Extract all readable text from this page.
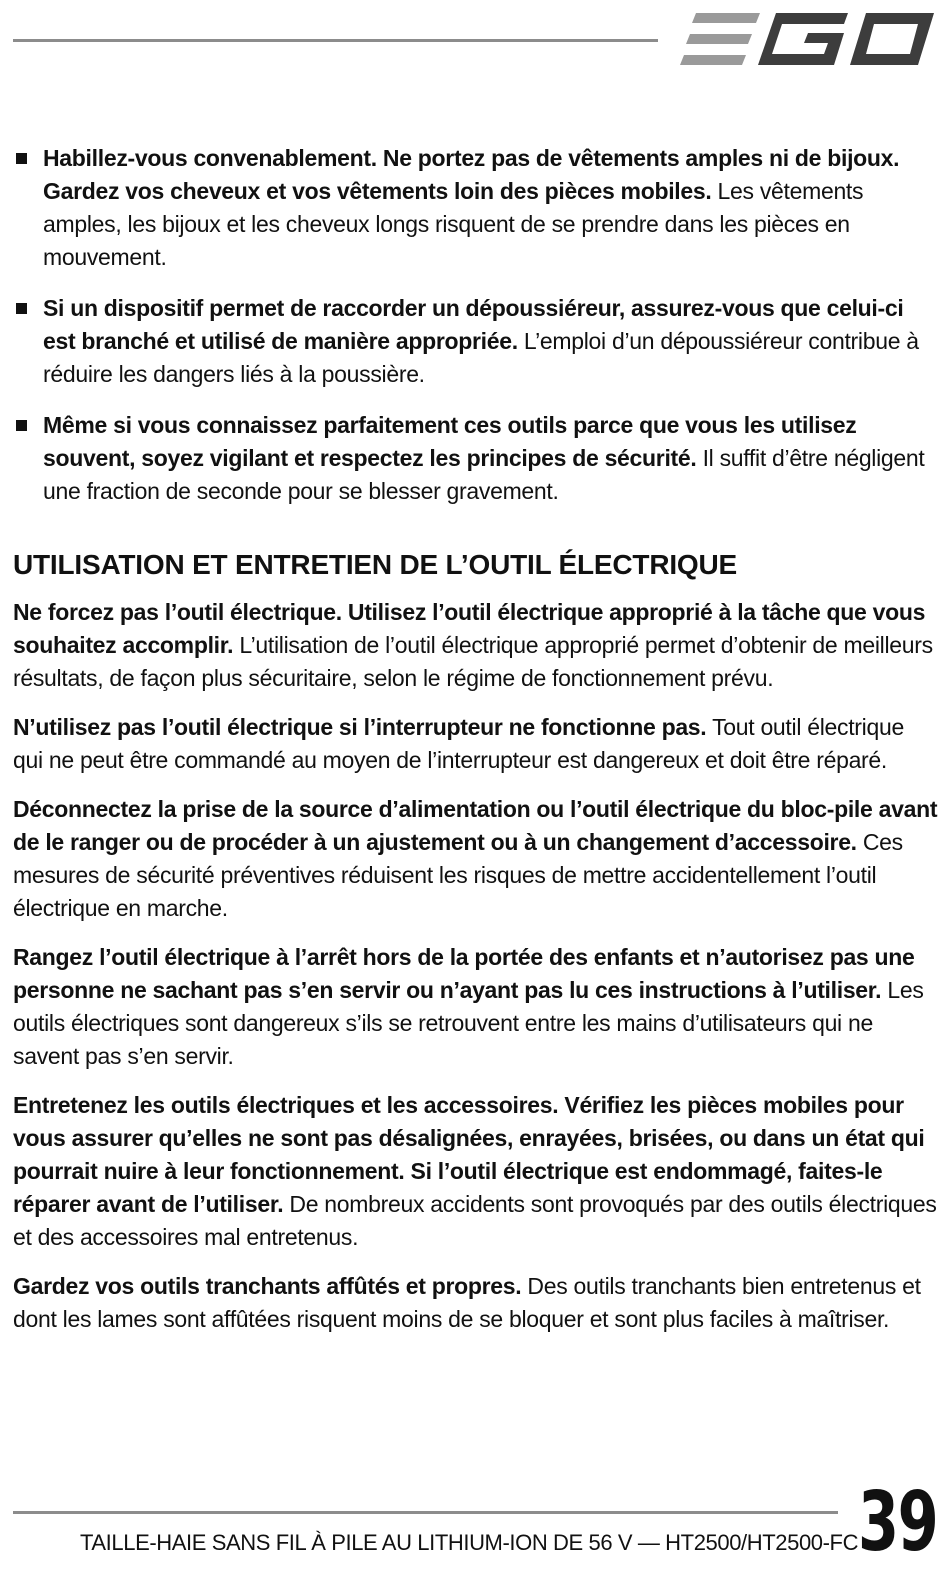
Habillez-vous convenablement. Ne portez pas de vêtements amples ni de bijoux. Gardez vos cheveux et vos vêtements loin des pièces mobiles. Les vêtements amples, les bijoux et les cheveux longs risquent de se prendre dans les pièces en mouvement.
Si un dispositif permet de raccorder un dépoussiéreur, assurez-vous que celui-ci est branché et utilisé de manière appropriée. L’emploi d’un dépoussiéreur contribue à réduire les dangers liés à la poussière.
Même si vous connaissez parfaitement ces outils parce que vous les utilisez souvent, soyez vigilant et respectez les principes de sécurité. Il suffit d’être négligent une fraction de seconde pour se blesser gravement.
UTILISATION ET ENTRETIEN DE L’OUTIL ÉLECTRIQUE

Ne forcez pas l’outil électrique. Utilisez l’outil électrique approprié à la tâche que vous souhaitez accomplir. L’utilisation de l’outil électrique approprié permet d’obtenir de meilleurs résultats, de façon plus sécuritaire, selon le régime de fonctionnement prévu.

N’utilisez pas l’outil électrique si l’interrupteur ne fonctionne pas. Tout outil électrique qui ne peut être commandé au moyen de l’interrupteur est dangereux et doit être réparé.

Déconnectez la prise de la source d’alimentation ou l’outil électrique du bloc-pile avant de le ranger ou de procéder à un ajustement ou à un changement d’accessoire. Ces mesures de sécurité préventives réduisent les risques de mettre accidentellement l’outil électrique en marche.

Rangez l’outil électrique à l’arrêt hors de la portée des enfants et n’autorisez pas une personne ne sachant pas s’en servir ou n’ayant pas lu ces instructions à l’utiliser. Les outils électriques sont dangereux s’ils se retrouvent entre les mains d’utilisateurs qui ne savent pas s’en servir.

Entretenez les outils électriques et les accessoires. Vérifiez les pièces mobiles pour vous assurer qu’elles ne sont pas désalignées, enrayées, brisées, ou dans un état qui pourrait nuire à leur fonctionnement. Si l’outil électrique est endommagé, faites-le réparer avant de l’utiliser. De nombreux accidents sont provoqués par des outils électriques et des accessoires mal entretenus.

Gardez vos outils tranchants affûtés et propres. Des outils tranchants bien entretenus et dont les lames sont affûtées risquent moins de se bloquer et sont plus faciles à maîtriser.

TAILLE-HAIE SANS FIL À PILE AU LITHIUM-ION DE 56 V — HT2500/HT2500-FC 39
